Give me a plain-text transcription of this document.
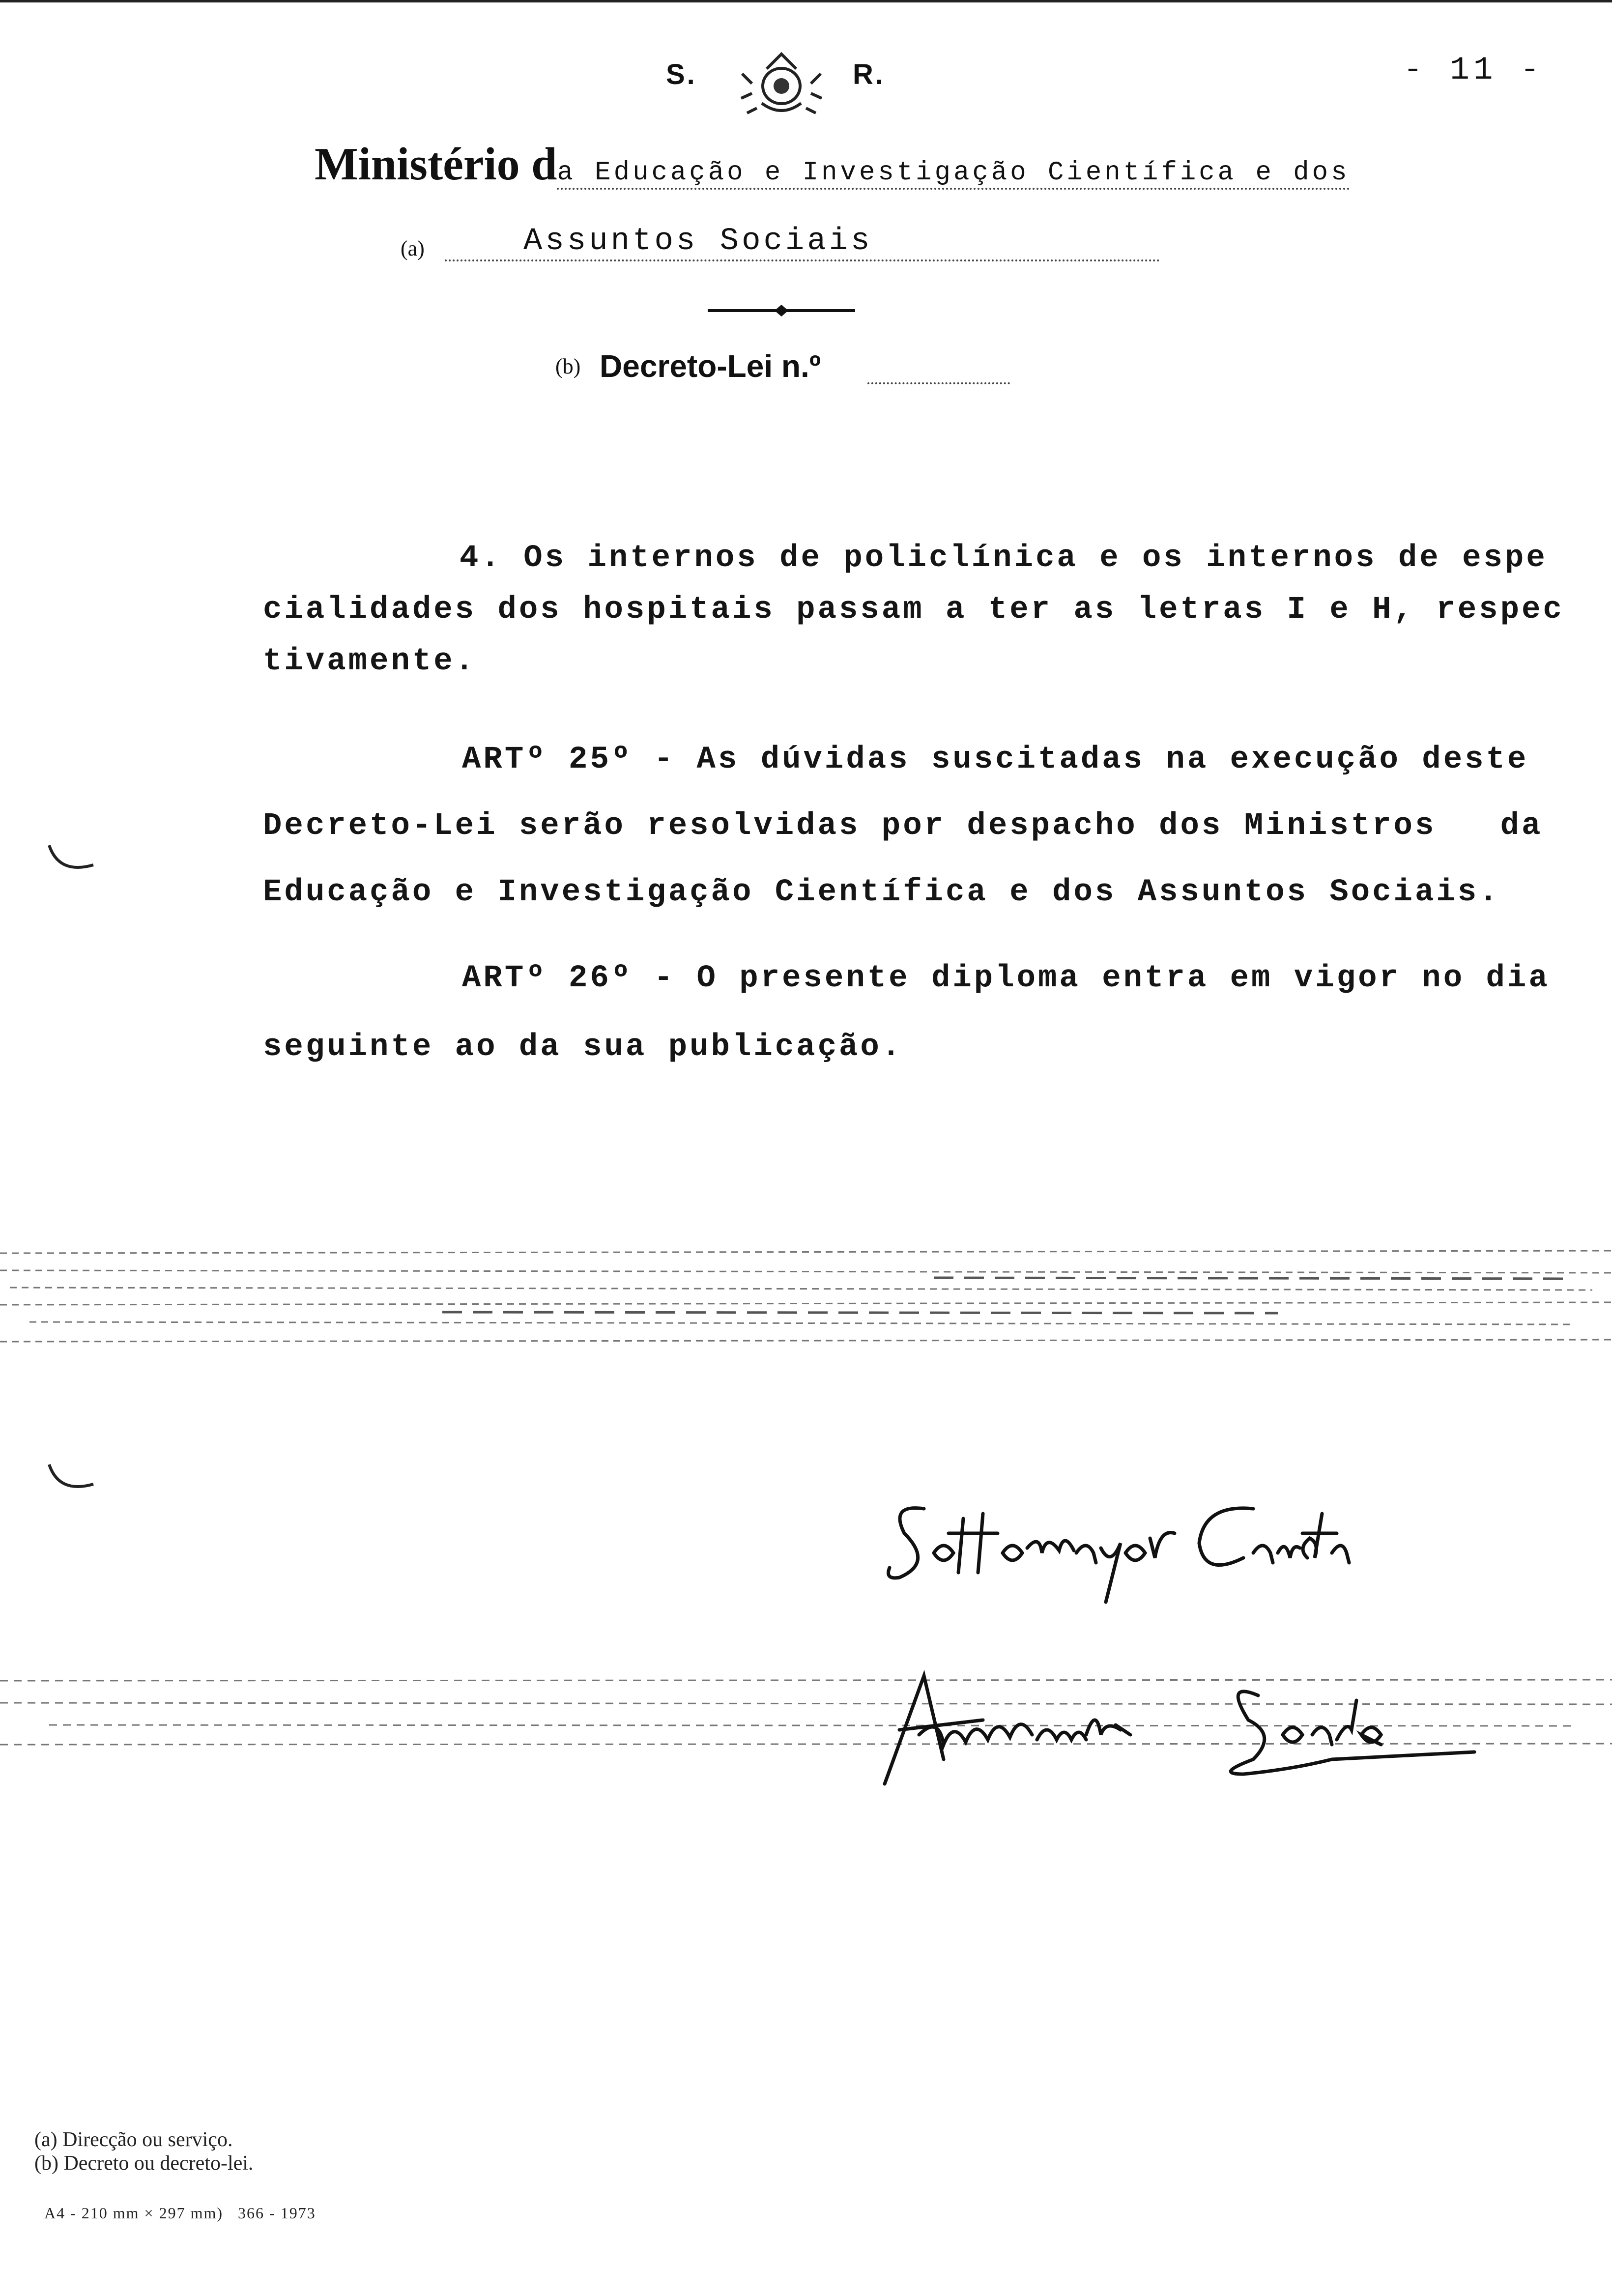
S.	R.	- 11 -
Ministério da Educação e Investigação Científica e dos
(a)	Assuntos Sociais
(b) Decreto-Lei n.º
4. Os internos de policlínica e os internos de espe
cialidades dos hospitais passam a ter as letras I e H, respec
tivamente.
ARTº 25º - As dúvidas suscitadas na execução deste
Decreto-Lei serão resolvidas por despacho dos Ministros   da
Educação e Investigação Científica e dos Assuntos Sociais.
ARTº 26º - O presente diploma entra em vigor no dia
seguinte ao da sua publicação.
(a) Direcção ou serviço.
(b) Decreto ou decreto-lei.
A4 - 210 mm × 297 mm)   366 - 1973
